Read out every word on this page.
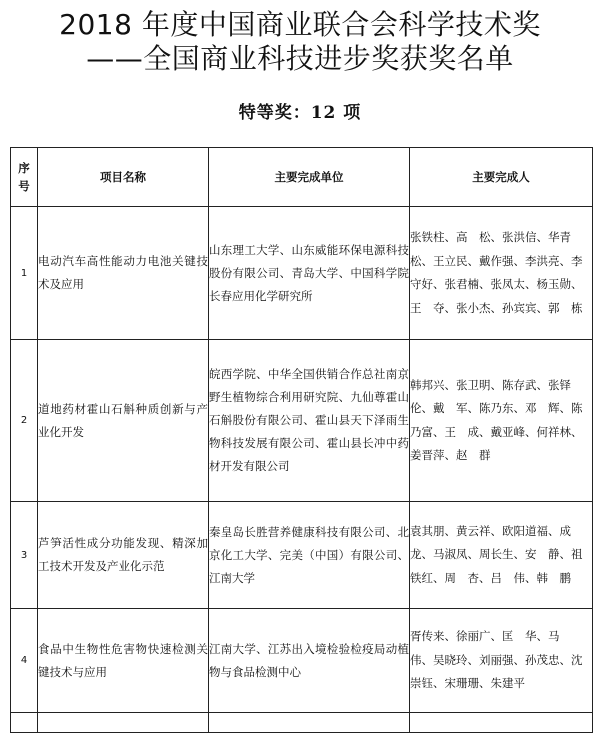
2018 年度中国商业联合会科学技术奖
——全国商业科技进步奖获奖名单
特等奖：12 项
序
号	项目名称	主要完成单位	主要完成人
1	电动汽车高性能动力电池关键技术及应用	山东理工大学、山东威能环保电源科技股份有限公司、青岛大学、中国科学院长春应用化学研究所	张铁柱、高　松、张洪信、华青松、王立民、戴作强、李洪亮、李守好、张君楠、张凤太、杨玉勋、王　夺、张小杰、孙宾宾、郭　栋
2	道地药材霍山石斛种质创新与产业化开发	皖西学院、中华全国供销合作总社南京野生植物综合利用研究院、九仙尊霍山石斛股份有限公司、霍山县天下泽雨生物科技发展有限公司、霍山县长冲中药材开发有限公司	韩邦兴、张卫明、陈存武、张铎伦、戴　军、陈乃东、邓　辉、陈乃富、王　成、戴亚峰、何祥林、姜晋萍、赵　群
3	芦笋活性成分功能发现、精深加工技术开发及产业化示范	秦皇岛长胜营养健康科技有限公司、北京化工大学、完美（中国）有限公司、江南大学	袁其朋、黄云祥、欧阳道福、成　龙、马淑凤、周长生、安　静、祖铁红、周　杏、吕　伟、韩　鹏
4	食品中生物性危害物快速检测关键技术与应用	江南大学、江苏出入境检验检疫局动植物与食品检测中心	胥传来、徐丽广、匡　华、马　伟、吴晓玲、刘丽强、孙茂忠、沈崇钰、宋珊珊、朱建平
